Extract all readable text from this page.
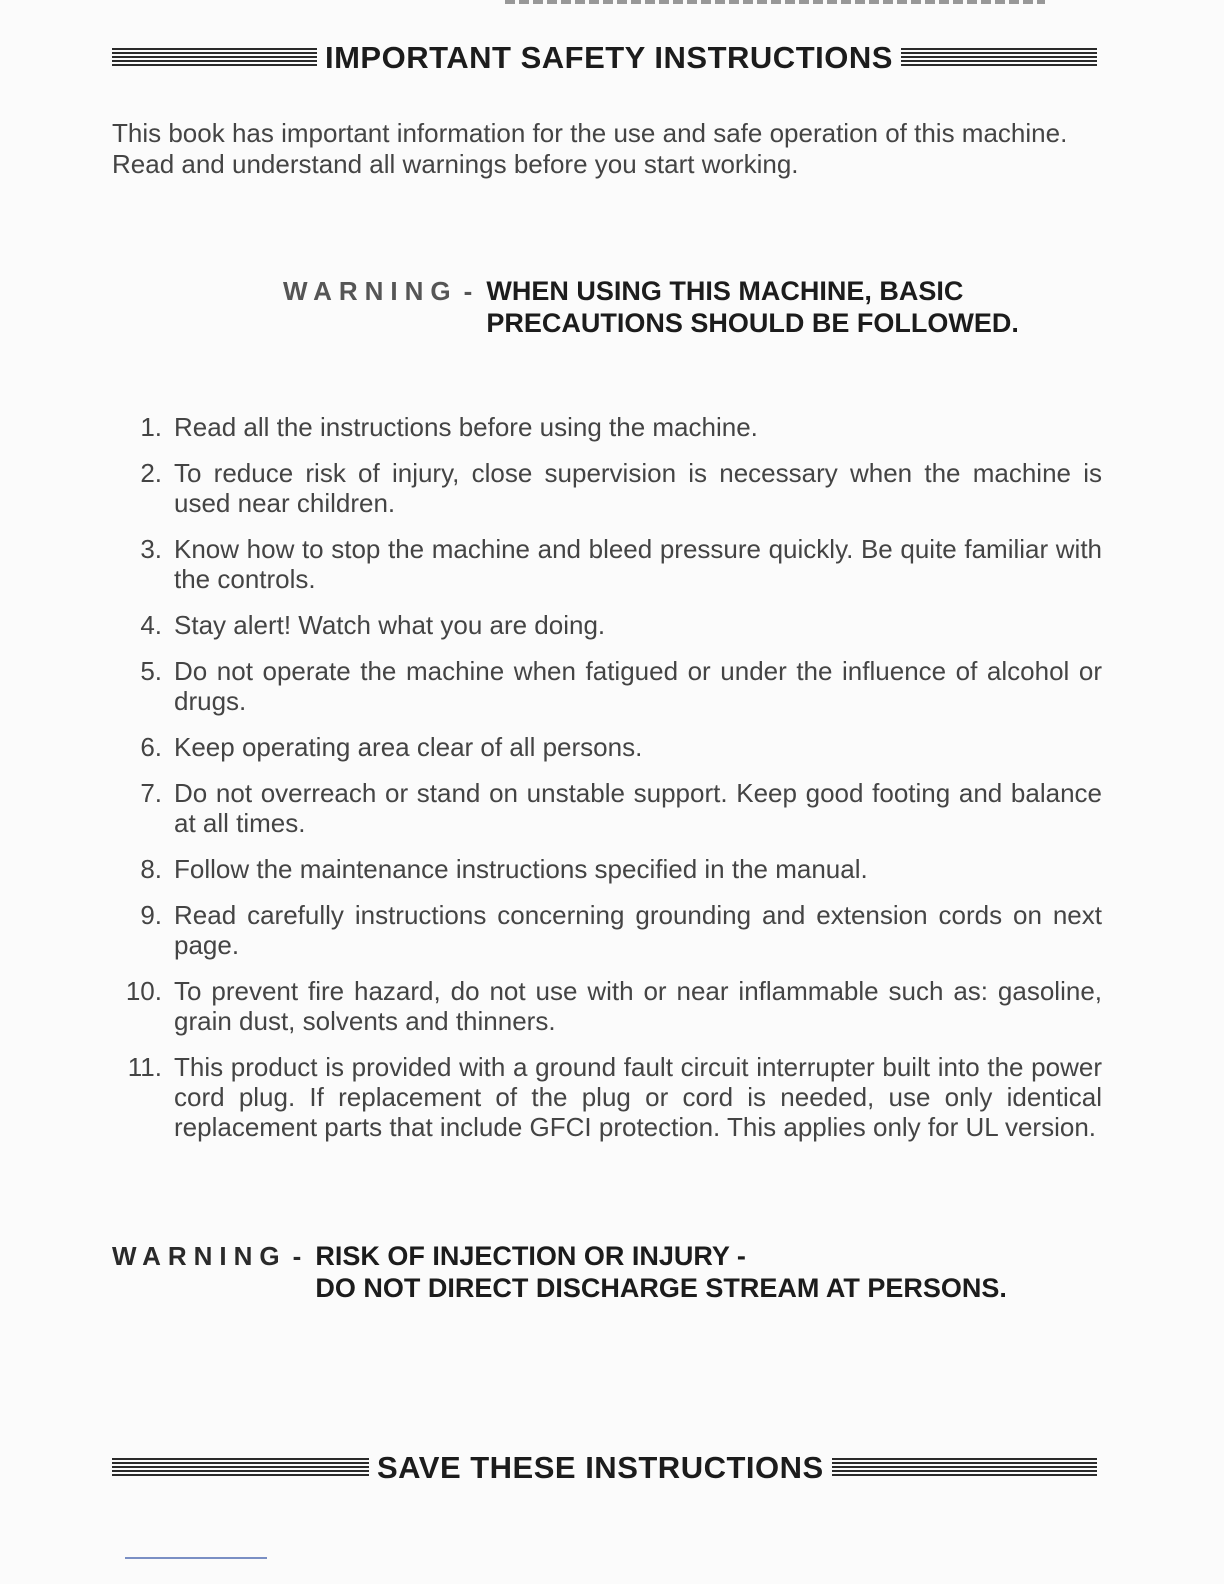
IMPORTANT SAFETY INSTRUCTIONS
This book has important information for the use and safe operation of this machine. Read and understand all warnings before you start working.
WARNING - WHEN USING THIS MACHINE, BASIC
PRECAUTIONS SHOULD BE FOLLOWED.
1. Read all the instructions before using the machine.
2. To reduce risk of injury, close supervision is necessary when the machine is used near children.
3. Know how to stop the machine and bleed pressure quickly. Be quite familiar with the controls.
4. Stay alert! Watch what you are doing.
5. Do not operate the machine when fatigued or under the influence of alcohol or drugs.
6. Keep operating area clear of all persons.
7. Do not overreach or stand on unstable support. Keep good footing and balance at all times.
8. Follow the maintenance instructions specified in the manual.
9. Read carefully instructions concerning grounding and extension cords on next page.
10. To prevent fire hazard, do not use with or near inflammable such as: gasoline, grain dust, solvents and thinners.
11. This product is provided with a ground fault circuit interrupter built into the power cord plug. If replacement of the plug or cord is needed, use only identical replacement parts that include GFCI protection. This applies only for UL version.
WARNING - RISK OF INJECTION OR INJURY -
DO NOT DIRECT DISCHARGE STREAM AT PERSONS.
SAVE THESE INSTRUCTIONS
